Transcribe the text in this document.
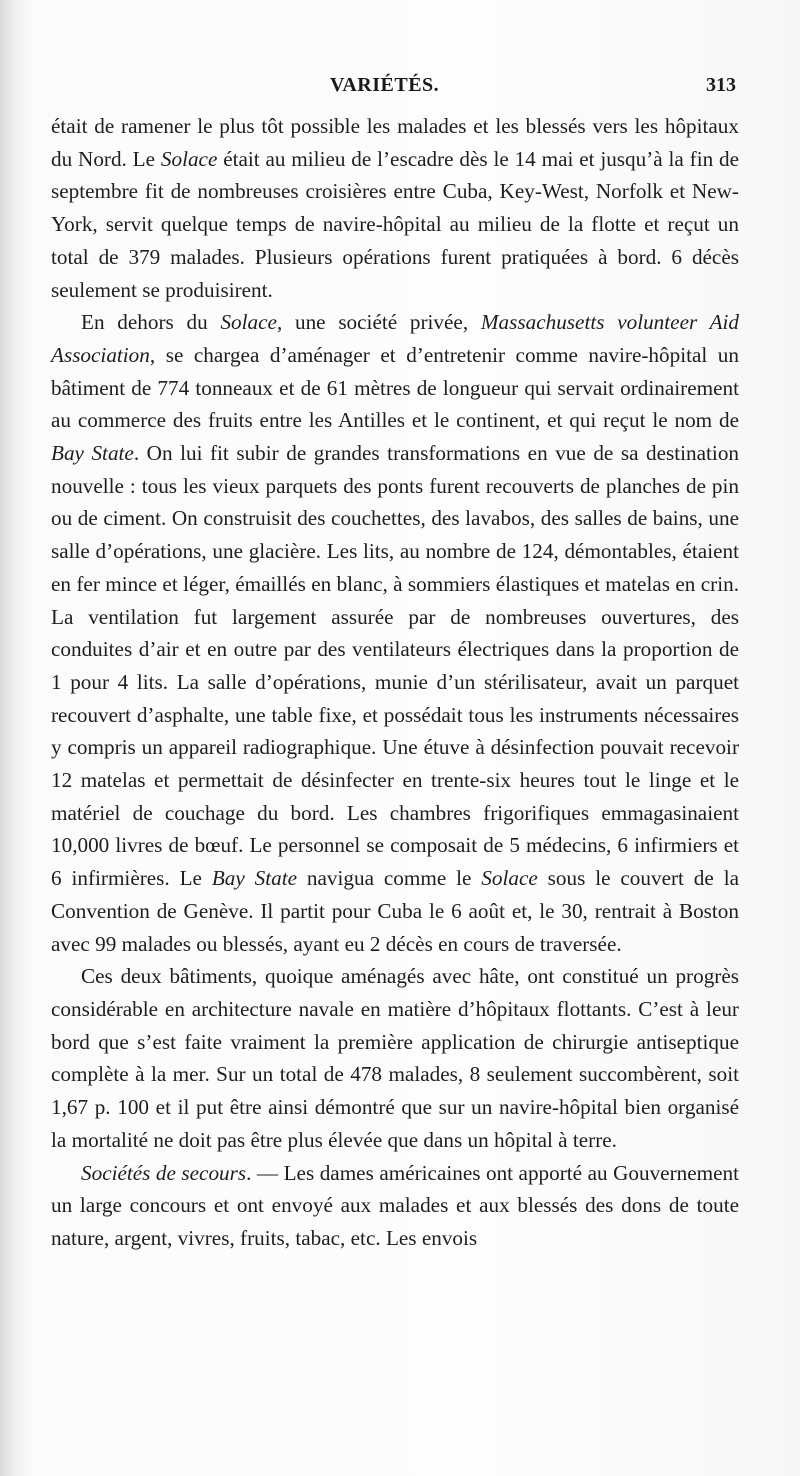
VARIÉTÉS.	313

était de ramener le plus tôt possible les malades et les blessés vers les hôpitaux du Nord. Le Solace était au milieu de l’escadre dès le 14 mai et jusqu’à la fin de septembre fit de nombreuses croisières entre Cuba, Key-West, Norfolk et New-York, servit quelque temps de navire-hôpital au milieu de la flotte et reçut un total de 379 malades. Plusieurs opérations furent pratiquées à bord. 6 décès seulement se produisirent.

En dehors du Solace, une société privée, Massachusetts volunteer Aid Association, se chargea d’aménager et d’entretenir comme navire-hôpital un bâtiment de 774 tonneaux et de 61 mètres de longueur qui servait ordinairement au commerce des fruits entre les Antilles et le continent, et qui reçut le nom de Bay State. On lui fit subir de grandes transformations en vue de sa destination nouvelle : tous les vieux parquets des ponts furent recouverts de planches de pin ou de ciment. On construisit des couchettes, des lavabos, des salles de bains, une salle d’opérations, une glacière. Les lits, au nombre de 124, démontables, étaient en fer mince et léger, émaillés en blanc, à sommiers élastiques et matelas en crin. La ventilation fut largement assurée par de nombreuses ouvertures, des conduites d’air et en outre par des ventilateurs électriques dans la proportion de 1 pour 4 lits. La salle d’opérations, munie d’un stérilisateur, avait un parquet recouvert d’asphalte, une table fixe, et possédait tous les instruments nécessaires y compris un appareil radiographique. Une étuve à désinfection pouvait recevoir 12 matelas et permettait de désinfecter en trente-six heures tout le linge et le matériel de couchage du bord. Les chambres frigorifiques emmagasinaient 10,000 livres de bœuf. Le personnel se composait de 5 médecins, 6 infirmiers et 6 infirmières. Le Bay State navigua comme le Solace sous le couvert de la Convention de Genève. Il partit pour Cuba le 6 août et, le 30, rentrait à Boston avec 99 malades ou blessés, ayant eu 2 décès en cours de traversée.

Ces deux bâtiments, quoique aménagés avec hâte, ont constitué un progrès considérable en architecture navale en matière d’hôpitaux flottants. C’est à leur bord que s’est faite vraiment la première application de chirurgie antiseptique complète à la mer. Sur un total de 478 malades, 8 seulement succombèrent, soit 1,67 p. 100 et il put être ainsi démontré que sur un navire-hôpital bien organisé la mortalité ne doit pas être plus élevée que dans un hôpital à terre.

Sociétés de secours. — Les dames américaines ont apporté au Gouvernement un large concours et ont envoyé aux malades et aux blessés des dons de toute nature, argent, vivres, fruits, tabac, etc. Les envois
